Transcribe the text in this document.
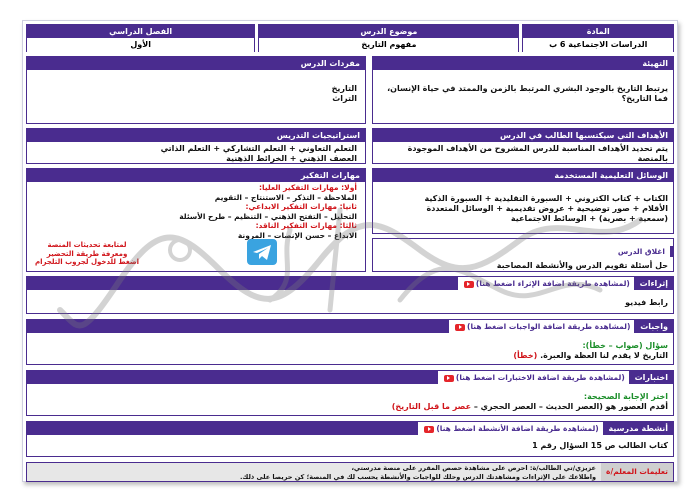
المادة
الدراسات الاجتماعية 6 ب
موضوع الدرس
مفهوم التاريخ
الفصل الدراسي
الأول
التهيئة
يرتبط التاريخ بالوجود البشري المرتبط بالزمن والممتد في حياة الإنسان، فما التاريخ؟
مفردات الدرس
التاريخ
التراث
الأهداف التي سيكتسبها الطالب في الدرس
يتم تحديد الأهداف المناسبة للدرس المشروح من الأهداف الموجودة بالمنصة
استراتيجيات التدريس
التعلم التعاوني + التعلم التشاركي + التعلم الذاتي
العصف الذهني + الخرائط الذهنية
الوسائل التعليمية المستخدمة
الكتاب + كتاب الكتروني + السبورة التقليدية + السبورة الذكية
الأقلام + صور توضيحية + عروض تقديمية + الوسائل المتعددة
(سمعية + بصرية) + الوسائط الاجتماعية
اغلاق الدرس
حل أسئلة تقويم الدرس والأنشطة المصاحبة
مهارات التفكير
أولا: مهارات التفكير العليا:
الملاحظة – التذكر – الاستنتاج – التقويم
ثانيا: مهارات التفكير الابداعي:
التحليل – التفتح الذهني – التنظيم – طرح الأسئلة
ثالثا: مهارات التفكير الناقد:
الابداع – حسن الإنصات – المرونة
لمتابعة تحديثات المنصة
ومعرفة طريقة التحضير
اضغط للدخول لجروب التلجرام
إثراءات (لمشاهدة طريقة اضافة الإثراء اضغط هنا)
رابط فيديو
واجبات (لمشاهدة طريقة اضافة الواجبات اضغط هنا)
سؤال (صواب – خطأ):
التاريخ لا يقدم لنا العظة والعبرة. (خطأ)
اختبارات (لمشاهدة طريقة اضافة الاختبارات اضغط هنا)
اختر الإجابة الصحيحة:
أقدم العصور هو (العصر الحديث – العصر الحجري – عصر ما قبل التاريخ)
أنشطة مدرسية (لمشاهدة طريقة اضافة الأنشطة اضغط هنا)
كتاب الطالب ص 15 السؤال رقم 1
تعليمات المعلم/ة
عزيزي/تي الطالب/ة: احرص على مشاهدة حصص المقرر على منصة مدرستي،
واطلاعك على الإثراءات ومشاهدتك الدرس وحلك للواجبات والأنشطة يحسب لك في المنصة؛ كن حريصا على ذلك.
